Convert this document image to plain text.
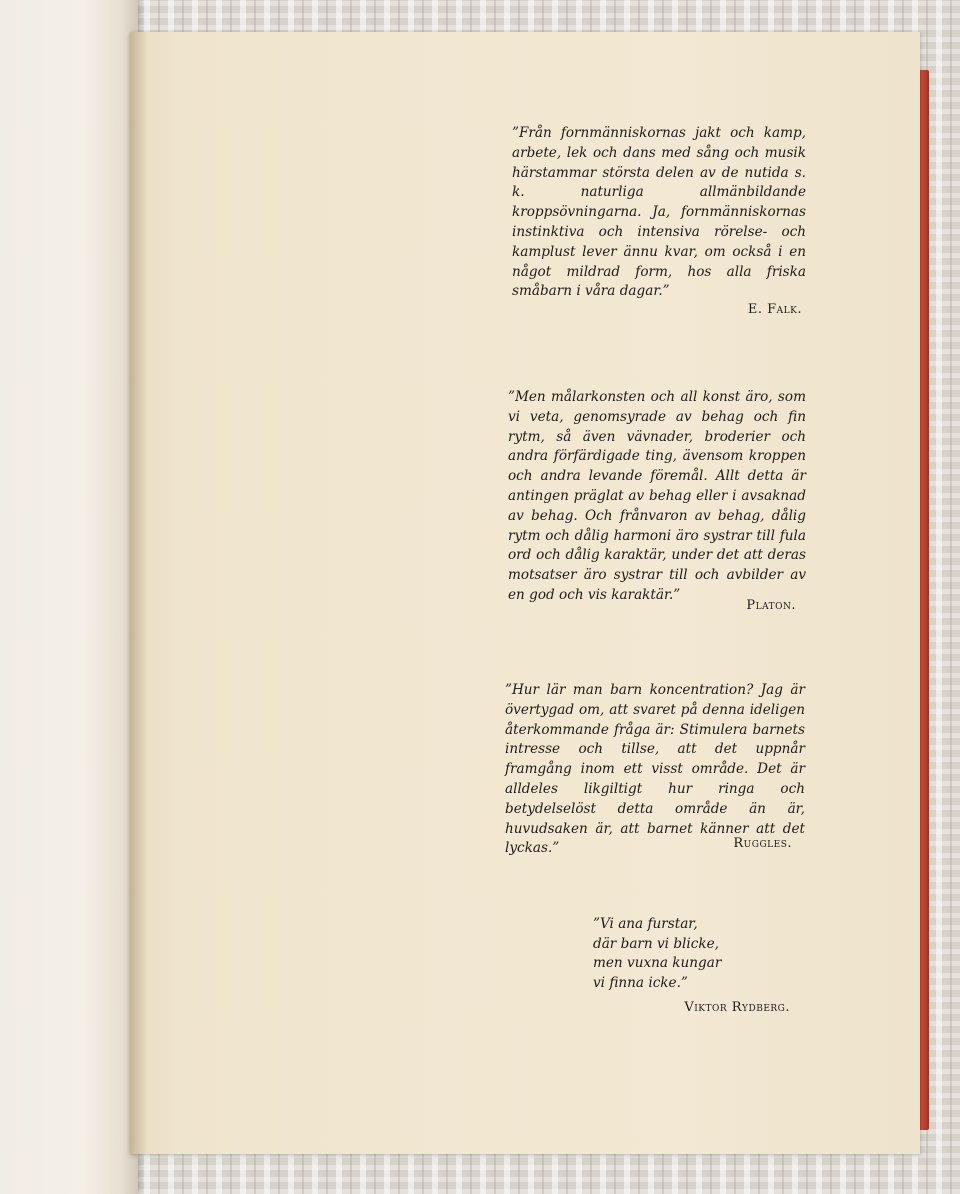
”Från fornmänniskornas jakt och kamp, arbete, lek och dans med sång och musik härstammar största delen av de nutida s. k. naturliga allmänbildande kroppsövningarna. Ja, fornmänniskornas instinktiva och intensiva rörelse- och kamplust lever ännu kvar, om också i en något mildrad form, hos alla friska småbarn i våra dagar.”

E. Falk.

”Men målarkonsten och all konst äro, som vi veta, genomsyrade av behag och fin rytm, så även vävnader, broderier och andra förfärdigade ting, ävensom kroppen och andra levande föremål. Allt detta är antingen präglat av behag eller i avsaknad av behag. Och frånvaron av behag, dålig rytm och dålig harmoni äro systrar till fula ord och dålig karaktär, under det att deras motsatser äro systrar till och avbilder av en god och vis karaktär.”

Platon.

”Hur lär man barn koncentration? Jag är övertygad om, att svaret på denna ideligen återkommande fråga är: Stimulera barnets intresse och tillse, att det uppnår framgång inom ett visst område. Det är alldeles likgiltigt hur ringa och betydelselöst detta område än är, huvudsaken är, att barnet känner att det lyckas.”	Ruggles.
”Vi ana furstar,
där barn vi blicke,
men vuxna kungar
vi finna icke.”
Viktor Rydberg.
